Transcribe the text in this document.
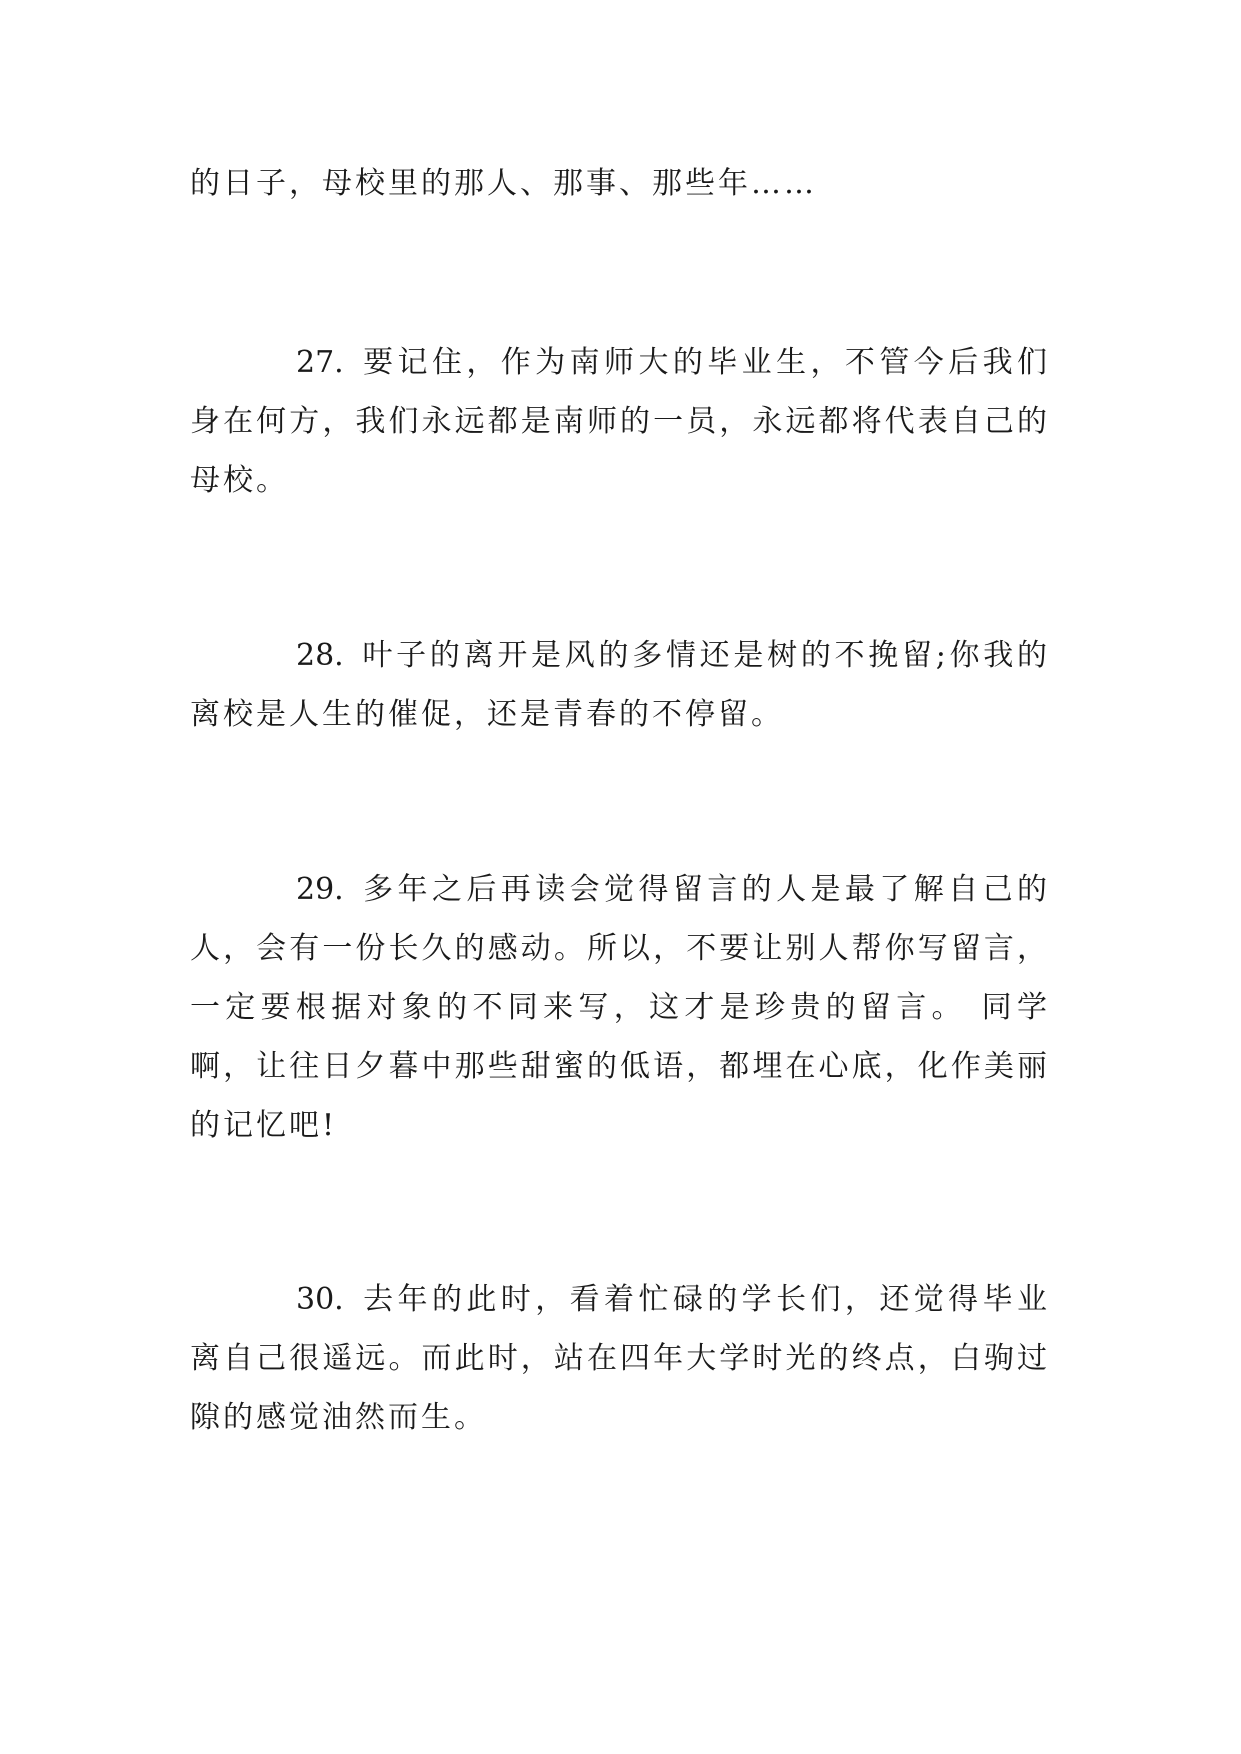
的日子，母校里的那人、那事、那些年……

27. 要记住，作为南师大的毕业生，不管今后我们身在何方，我们永远都是南师的一员，永远都将代表自己的母校。

28. 叶子的离开是风的多情还是树的不挽留;你我的离校是人生的催促，还是青春的不停留。

29. 多年之后再读会觉得留言的人是最了解自己的人，会有一份长久的感动。所以，不要让别人帮你写留言，一定要根据对象的不同来写，这才是珍贵的留言。 同学啊，让往日夕暮中那些甜蜜的低语，都埋在心底，化作美丽的记忆吧!

30. 去年的此时，看着忙碌的学长们，还觉得毕业离自己很遥远。而此时，站在四年大学时光的终点，白驹过隙的感觉油然而生。
